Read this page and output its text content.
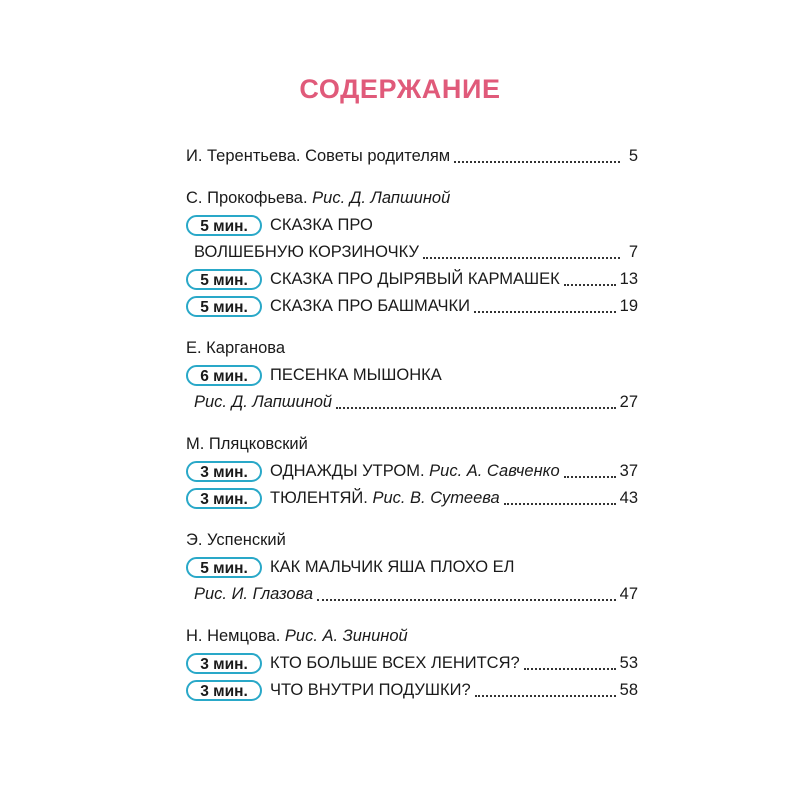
СОДЕРЖАНИЕ
И. Терентьева. Советы родителям	5
С. Прокофьева.
Рис. Д. Лапшиной
5 мин.	СКАЗКА ПРО
ВОЛШЕБНУЮ КОРЗИНОЧКУ	7
5 мин.	СКАЗКА ПРО ДЫРЯВЫЙ КАРМАШЕК	13
5 мин.	СКАЗКА ПРО БАШМАЧКИ	19
Е. Карганова
6 мин.	ПЕСЕНКА МЫШОНКА
Рис. Д. Лапшиной	27
М. Пляцковский
3 мин.	ОДНАЖДЫ УТРОМ.
Рис. А. Савченко	37
3 мин.	ТЮЛЕНТЯЙ.
Рис. В. Сутеева	43
Э. Успенский
5 мин.	КАК МАЛЬЧИК ЯША ПЛОХО ЕЛ
Рис. И. Глазова	47
Н. Немцова.
Рис. А. Зининой
3 мин.	КТО БОЛЬШЕ ВСЕХ ЛЕНИТСЯ?	53
3 мин.	ЧТО ВНУТРИ ПОДУШКИ?	58
